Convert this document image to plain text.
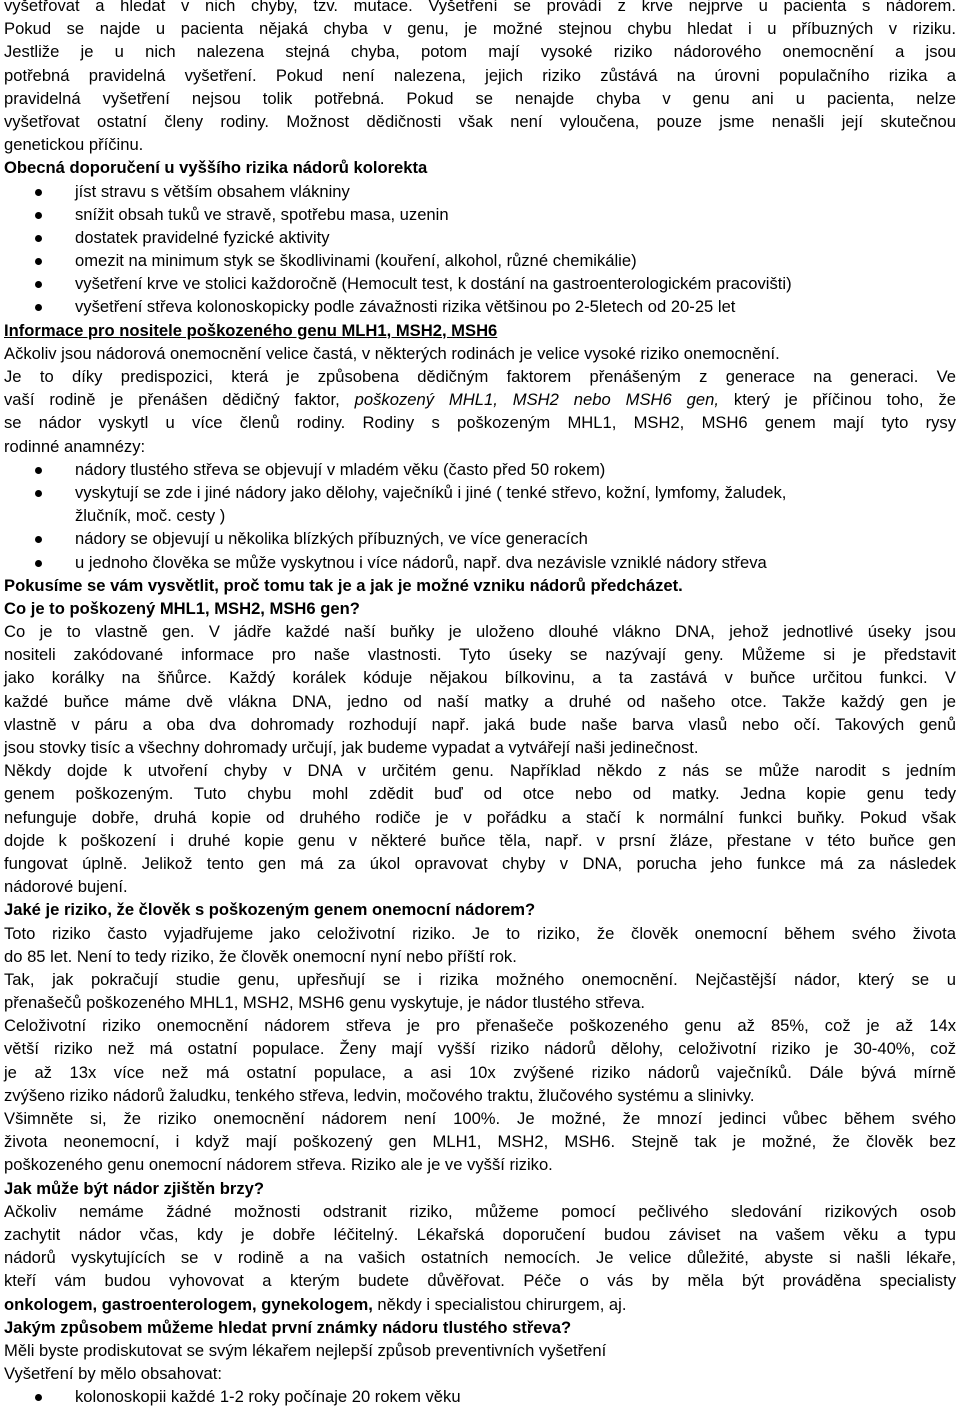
vyšetřovat a hledat v nich chyby, tzv. mutace. Vyšetření se provádí z krve nejprve u pacienta s nádorem.
Pokud se najde u pacienta nějaká chyba v genu, je možné stejnou chybu hledat i u příbuzných v riziku.
Jestliže je u nich nalezena stejná chyba, potom mají vysoké riziko nádorového onemocnění a jsou
potřebná pravidelná vyšetření. Pokud není nalezena, jejich riziko zůstává na úrovni populačního rizika a
pravidelná vyšetření nejsou tolik potřebná. Pokud se nenajde chyba v genu ani u pacienta, nelze
vyšetřovat ostatní členy rodiny. Možnost dědičnosti však není vyloučena, pouze jsme nenašli její skutečnou
genetickou příčinu.
Obecná doporučení u vyššího rizika nádorů kolorekta
jíst stravu s větším obsahem vlákniny
snížit obsah tuků ve stravě, spotřebu masa, uzenin
dostatek pravidelné fyzické aktivity
omezit na minimum styk se škodlivinami (kouření, alkohol, různé chemikálie)
vyšetření krve ve stolici každoročně (Hemocult test, k dostání na gastroenterologickém pracovišti)
vyšetření střeva kolonoskopicky podle závažnosti rizika většinou po 2-5letech od 20-25 let
Informace pro nositele poškozeného genu MLH1, MSH2, MSH6
Ačkoliv jsou nádorová onemocnění velice častá, v některých rodinách je velice vysoké riziko onemocnění.
Je to díky predispozici, která je způsobena dědičným faktorem přenášeným z generace na generaci. Ve
vaší rodině je přenášen dědičný faktor, poškozený MHL1, MSH2 nebo MSH6 gen, který je příčinou toho, že
se nádor vyskytl u více členů rodiny. Rodiny s poškozeným MHL1, MSH2, MSH6 genem mají tyto rysy
rodinné anamnézy:
nádory tlustého střeva se objevují v mladém věku (často před 50 rokem)
vyskytují se zde i jiné nádory jako dělohy, vaječníků i jiné ( tenké střevo, kožní, lymfomy, žaludek,
žlučník, moč. cesty )
nádory se objevují u několika blízkých příbuzných, ve více generacích
u jednoho člověka se může vyskytnou i více nádorů, např. dva nezávisle vzniklé nádory střeva
Pokusíme se vám vysvětlit, proč tomu tak je a jak je možné vzniku nádorů předcházet.
Co je to poškozený MHL1, MSH2, MSH6 gen?
Co je to vlastně gen. V jádře každé naší buňky je uloženo dlouhé vlákno DNA, jehož jednotlivé úseky jsou
nositeli zakódované informace pro naše vlastnosti. Tyto úseky se nazývají geny. Můžeme si je představit
jako korálky na šňůrce. Každý korálek kóduje nějakou bílkovinu, a ta zastává v buňce určitou funkci. V
každé buňce máme dvě vlákna DNA, jedno od naší matky a druhé od našeho otce. Takže každý gen je
vlastně v páru a oba dva dohromady rozhodují např. jaká bude naše barva vlasů nebo očí. Takových genů
jsou stovky tisíc a všechny dohromady určují, jak budeme vypadat a vytvářejí naši jedinečnost.
Někdy dojde k utvoření chyby v DNA v určitém genu. Například někdo z nás se může narodit s jedním
genem poškozeným. Tuto chybu mohl zdědit buď od otce nebo od matky. Jedna kopie genu tedy
nefunguje dobře, druhá kopie od druhého rodiče je v pořádku a stačí k normální funkci buňky. Pokud však
dojde k poškození i druhé kopie genu v některé buňce těla, např. v prsní žláze, přestane v této buňce gen
fungovat úplně. Jelikož tento gen má za úkol opravovat chyby v DNA, porucha jeho funkce má za následek
nádorové bujení.
Jaké je riziko, že člověk s poškozeným genem onemocní nádorem?
Toto riziko často vyjadřujeme jako celoživotní riziko. Je to riziko, že člověk onemocní během svého života
do 85 let. Není to tedy riziko, že člověk onemocní nyní nebo příští rok.
Tak, jak pokračují studie genu, upřesňují se i rizika možného onemocnění. Nejčastější nádor, který se u
přenašečů poškozeného MHL1, MSH2, MSH6 genu vyskytuje, je nádor tlustého střeva.
Celoživotní riziko onemocnění nádorem střeva je pro přenašeče poškozeného genu až 85%, což je až 14x
větší riziko než má ostatní populace. Ženy mají vyšší riziko nádorů dělohy, celoživotní riziko je 30-40%, což
je až 13x více než má ostatní populace, a asi 10x zvýšené riziko nádorů vaječníků. Dále bývá mírně
zvýšeno riziko nádorů žaludku, tenkého střeva, ledvin, močového traktu, žlučového systému a slinivky.
Všimněte si, že riziko onemocnění nádorem není 100%. Je možné, že mnozí jedinci vůbec během svého
života neonemocní, i když mají poškozený gen MLH1, MSH2, MSH6. Stejně tak je možné, že člověk bez
poškozeného genu onemocní nádorem střeva. Riziko ale je ve vyšší riziko.
Jak může být nádor zjištěn brzy?
Ačkoliv nemáme žádné možnosti odstranit riziko, můžeme pomocí pečlivého sledování rizikových osob
zachytit nádor včas, kdy je dobře léčitelný. Lékařská doporučení budou záviset na vašem věku a typu
nádorů vyskytujících se v rodině a na vašich ostatních nemocích. Je velice důležité, abyste si našli lékaře,
kteří vám budou vyhovovat a kterým budete důvěřovat. Péče o vás by měla být prováděna specialisty
onkologem, gastroenterologem, gynekologem, někdy i specialistou chirurgem, aj.
Jakým způsobem můžeme hledat první známky nádoru tlustého střeva?
Měli byste prodiskutovat se svým lékařem nejlepší způsob preventivních vyšetření
Vyšetření by mělo obsahovat:
kolonoskopii každé 1-2 roky počínaje 20 rokem věku
